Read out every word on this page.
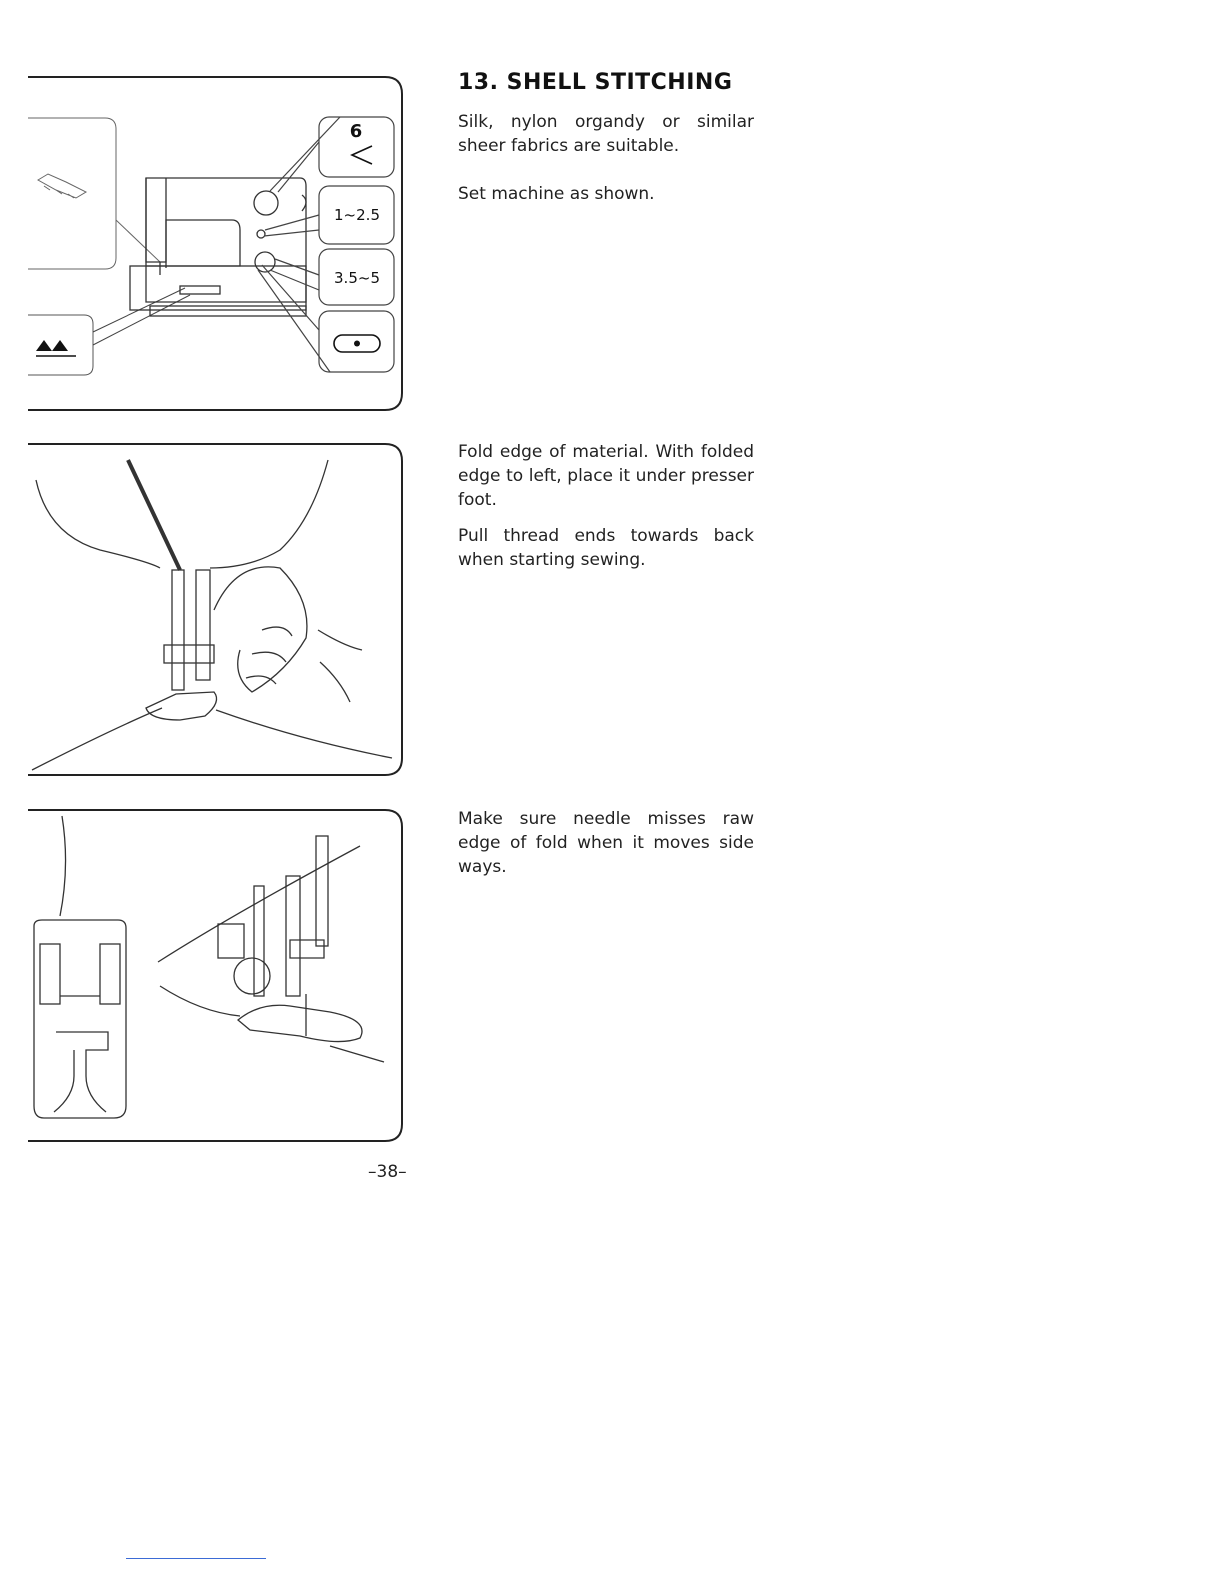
13. SHELL STITCHING

Silk, nylon organdy or similar sheer fabrics are suitable.

Set machine as shown.

Fold edge of material. With folded edge to left, place it under presser foot.

Pull thread ends towards back when starting sewing.

Make sure needle misses raw edge of fold when it moves side ways.

6
1~2.5
3.5~5
–38–
